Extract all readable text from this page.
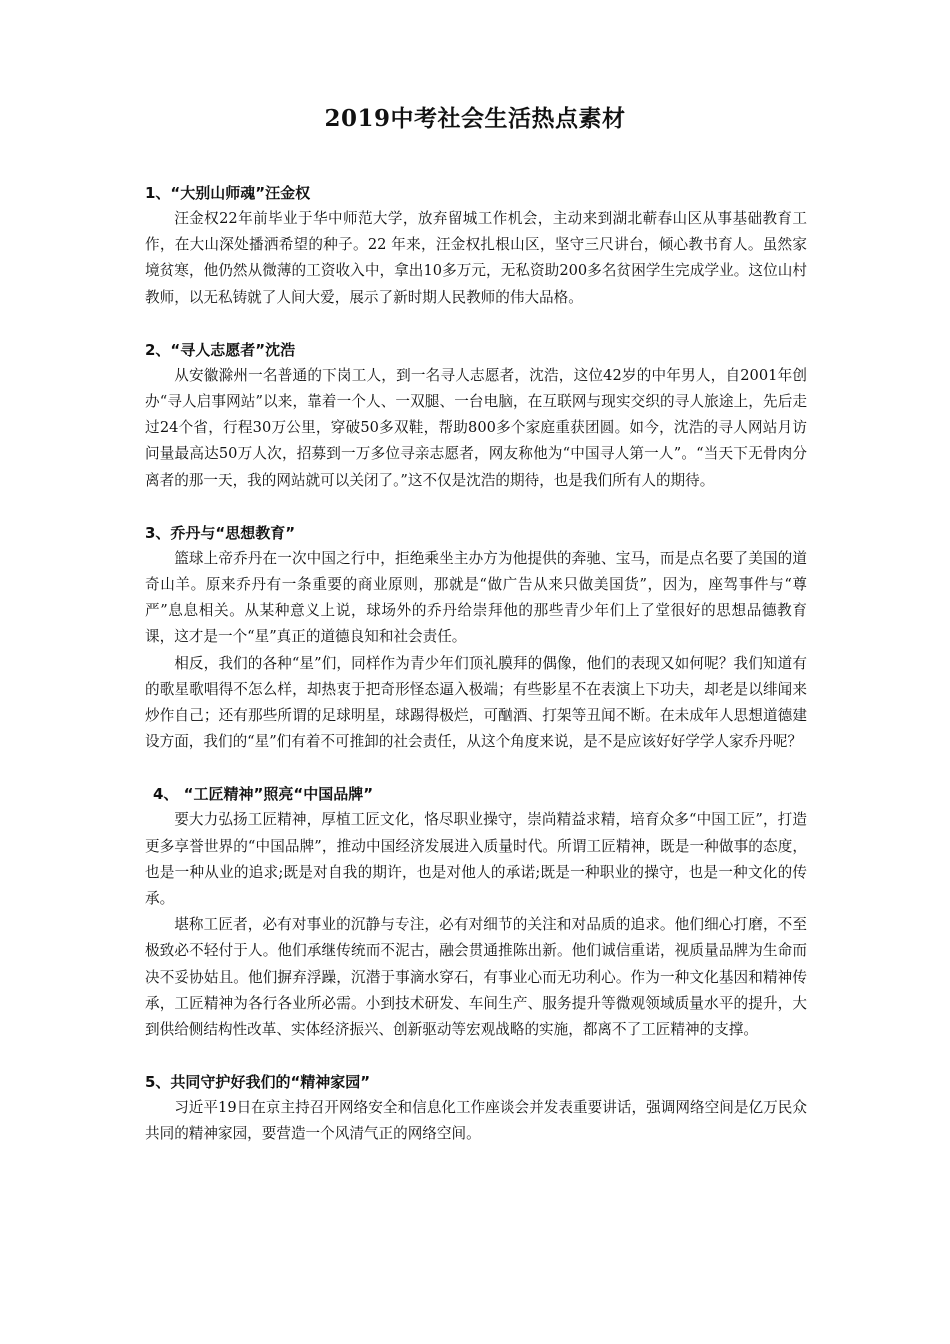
2019中考社会生活热点素材

1、“大别山师魂”汪金权

汪金权22年前毕业于华中师范大学，放弃留城工作机会，主动来到湖北蕲春山区从事基础教育工作，在大山深处播洒希望的种子。22 年来，汪金权扎根山区，坚守三尺讲台，倾心教书育人。虽然家境贫寒，他仍然从微薄的工资收入中，拿出10多万元，无私资助200多名贫困学生完成学业。这位山村教师，以无私铸就了人间大爱，展示了新时期人民教师的伟大品格。

2、“寻人志愿者”沈浩

从安徽滁州一名普通的下岗工人，到一名寻人志愿者，沈浩，这位42岁的中年男人，自2001年创办“寻人启事网站”以来，靠着一个人、一双腿、一台电脑，在互联网与现实交织的寻人旅途上，先后走过24个省，行程30万公里，穿破50多双鞋，帮助800多个家庭重获团圆。如今，沈浩的寻人网站月访问量最高达50万人次，招募到一万多位寻亲志愿者，网友称他为“中国寻人第一人”。“当天下无骨肉分离者的那一天，我的网站就可以关闭了。”这不仅是沈浩的期待，也是我们所有人的期待。

3、乔丹与“思想教育”

篮球上帝乔丹在一次中国之行中，拒绝乘坐主办方为他提供的奔驰、宝马，而是点名要了美国的道奇山羊。原来乔丹有一条重要的商业原则，那就是“做广告从来只做美国货”，因为，座驾事件与“尊严”息息相关。从某种意义上说，球场外的乔丹给崇拜他的那些青少年们上了堂很好的思想品德教育课，这才是一个“星”真正的道德良知和社会责任。

相反，我们的各种“星”们，同样作为青少年们顶礼膜拜的偶像，他们的表现又如何呢？我们知道有的歌星歌唱得不怎么样，却热衷于把奇形怪态逼入极端；有些影星不在表演上下功夫，却老是以绯闻来炒作自己；还有那些所谓的足球明星，球踢得极烂，可酗酒、打架等丑闻不断。在未成年人思想道德建设方面，我们的“星”们有着不可推卸的社会责任，从这个角度来说，是不是应该好好学学人家乔丹呢？

4、 “工匠精神”照亮“中国品牌”

要大力弘扬工匠精神，厚植工匠文化，恪尽职业操守，崇尚精益求精，培育众多“中国工匠”，打造更多享誉世界的“中国品牌”，推动中国经济发展进入质量时代。所谓工匠精神，既是一种做事的态度，也是一种从业的追求;既是对自我的期许，也是对他人的承诺;既是一种职业的操守，也是一种文化的传承。

堪称工匠者，必有对事业的沉静与专注，必有对细节的关注和对品质的追求。他们细心打磨，不至极致必不轻付于人。他们承继传统而不泥古，融会贯通推陈出新。他们诚信重诺，视质量品牌为生命而决不妥协姑且。他们摒弃浮躁，沉潜于事滴水穿石，有事业心而无功利心。作为一种文化基因和精神传承，工匠精神为各行各业所必需。小到技术研发、车间生产、服务提升等微观领域质量水平的提升，大到供给侧结构性改革、实体经济振兴、创新驱动等宏观战略的实施，都离不了工匠精神的支撑。

5、共同守护好我们的“精神家园”

习近平19日在京主持召开网络安全和信息化工作座谈会并发表重要讲话，强调网络空间是亿万民众共同的精神家园，要营造一个风清气正的网络空间。
